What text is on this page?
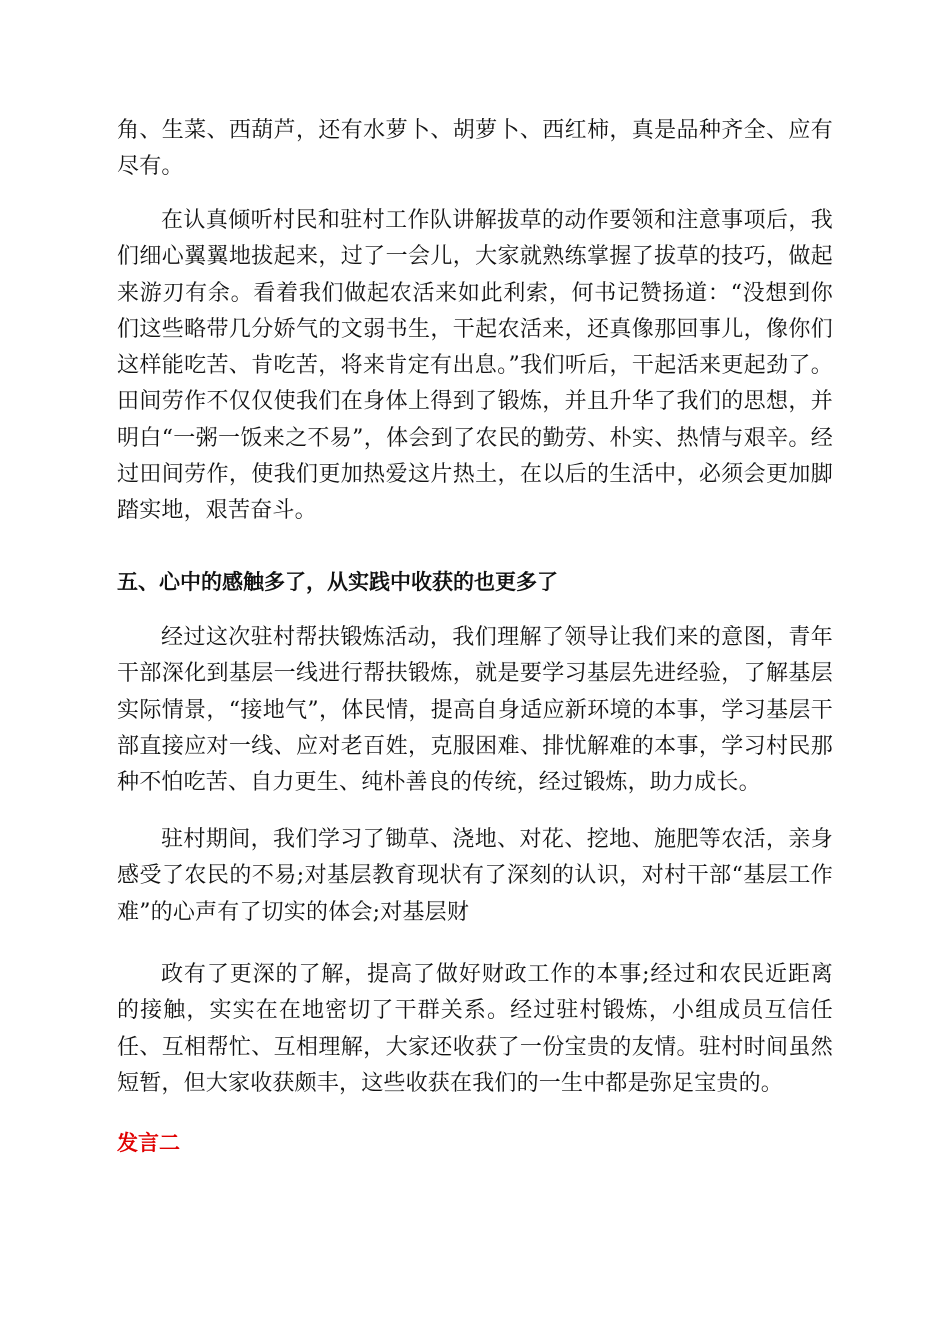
角、生菜、西葫芦，还有水萝卜、胡萝卜、西红柿，真是品种齐全、应有尽有。

在认真倾听村民和驻村工作队讲解拔草的动作要领和注意事项后，我们细心翼翼地拔起来，过了一会儿，大家就熟练掌握了拔草的技巧，做起来游刃有余。看着我们做起农活来如此利索，何书记赞扬道：“没想到你们这些略带几分娇气的文弱书生，干起农活来，还真像那回事儿，像你们这样能吃苦、肯吃苦，将来肯定有出息。”我们听后，干起活来更起劲了。田间劳作不仅仅使我们在身体上得到了锻炼，并且升华了我们的思想，并明白“一粥一饭来之不易”，体会到了农民的勤劳、朴实、热情与艰辛。经过田间劳作，使我们更加热爱这片热土，在以后的生活中，必须会更加脚踏实地，艰苦奋斗。

五、心中的感触多了，从实践中收获的也更多了

经过这次驻村帮扶锻炼活动，我们理解了领导让我们来的意图，青年干部深化到基层一线进行帮扶锻炼，就是要学习基层先进经验，了解基层实际情景，“接地气”，体民情，提高自身适应新环境的本事，学习基层干部直接应对一线、应对老百姓，克服困难、排忧解难的本事，学习村民那种不怕吃苦、自力更生、纯朴善良的传统，经过锻炼，助力成长。

驻村期间，我们学习了锄草、浇地、对花、挖地、施肥等农活，亲身感受了农民的不易;对基层教育现状有了深刻的认识，对村干部“基层工作难”的心声有了切实的体会;对基层财

政有了更深的了解，提高了做好财政工作的本事;经过和农民近距离的接触，实实在在地密切了干群关系。经过驻村锻炼，小组成员互信任任、互相帮忙、互相理解，大家还收获了一份宝贵的友情。驻村时间虽然短暂，但大家收获颇丰，这些收获在我们的一生中都是弥足宝贵的。

发言二
